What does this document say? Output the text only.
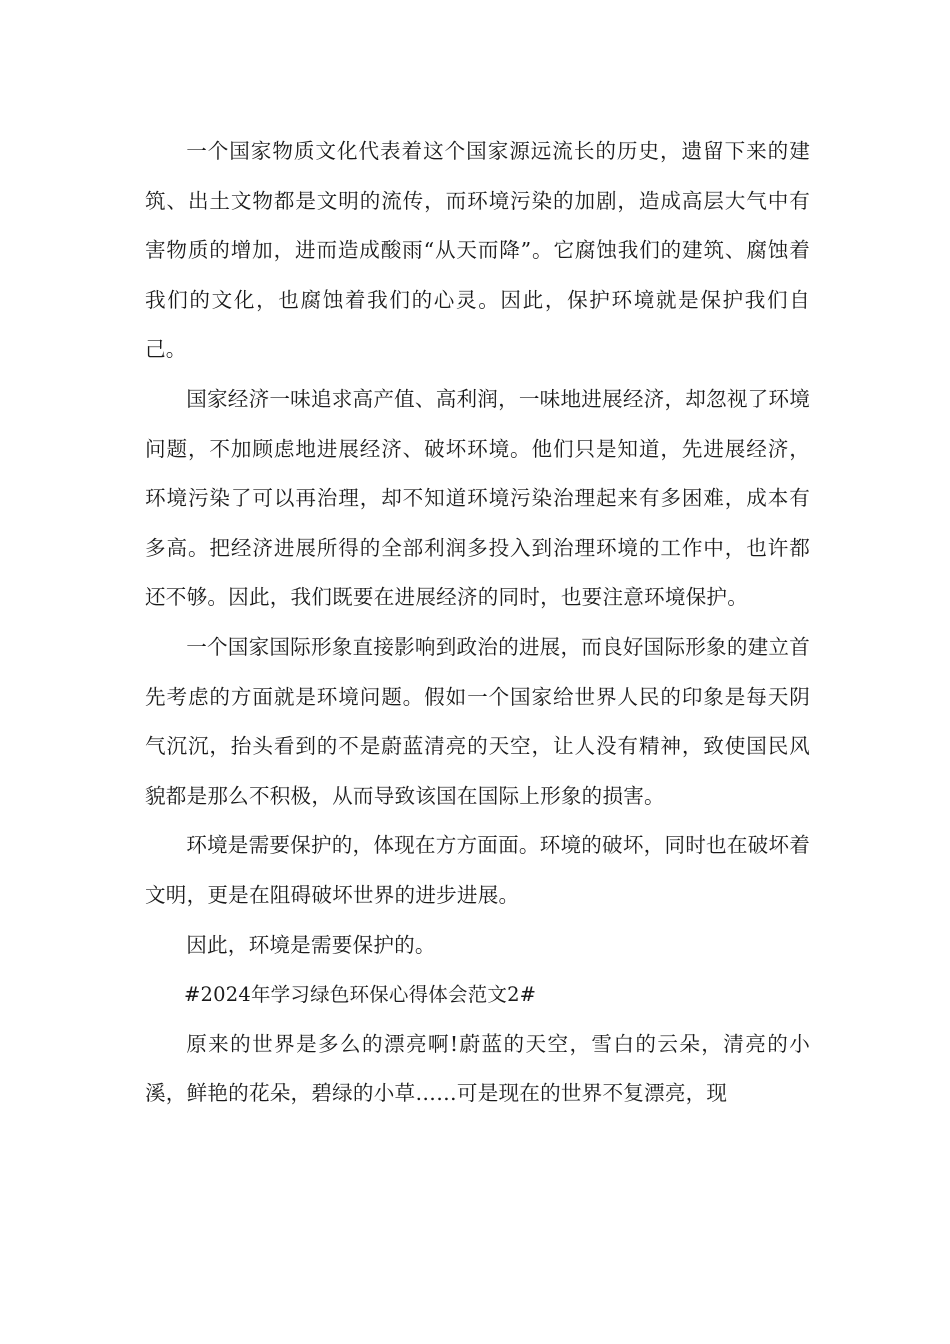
一个国家物质文化代表着这个国家源远流长的历史，遗留下来的建筑、出土文物都是文明的流传，而环境污染的加剧，造成高层大气中有害物质的增加，进而造成酸雨“从天而降”。它腐蚀我们的建筑、腐蚀着我们的文化，也腐蚀着我们的心灵。因此，保护环境就是保护我们自己。

国家经济一味追求高产值、高利润，一味地进展经济，却忽视了环境问题，不加顾虑地进展经济、破坏环境。他们只是知道，先进展经济，环境污染了可以再治理，却不知道环境污染治理起来有多困难，成本有多高。把经济进展所得的全部利润多投入到治理环境的工作中，也许都还不够。因此，我们既要在进展经济的同时，也要注意环境保护。

一个国家国际形象直接影响到政治的进展，而良好国际形象的建立首先考虑的方面就是环境问题。假如一个国家给世界人民的印象是每天阴气沉沉，抬头看到的不是蔚蓝清亮的天空，让人没有精神，致使国民风貌都是那么不积极，从而导致该国在国际上形象的损害。

环境是需要保护的，体现在方方面面。环境的破坏，同时也在破坏着文明，更是在阻碍破坏世界的进步进展。

因此，环境是需要保护的。

#2024年学习绿色环保心得体会范文2#

原来的世界是多么的漂亮啊!蔚蓝的天空，雪白的云朵，清亮的小溪，鲜艳的花朵，碧绿的小草……可是现在的世界不复漂亮，现
